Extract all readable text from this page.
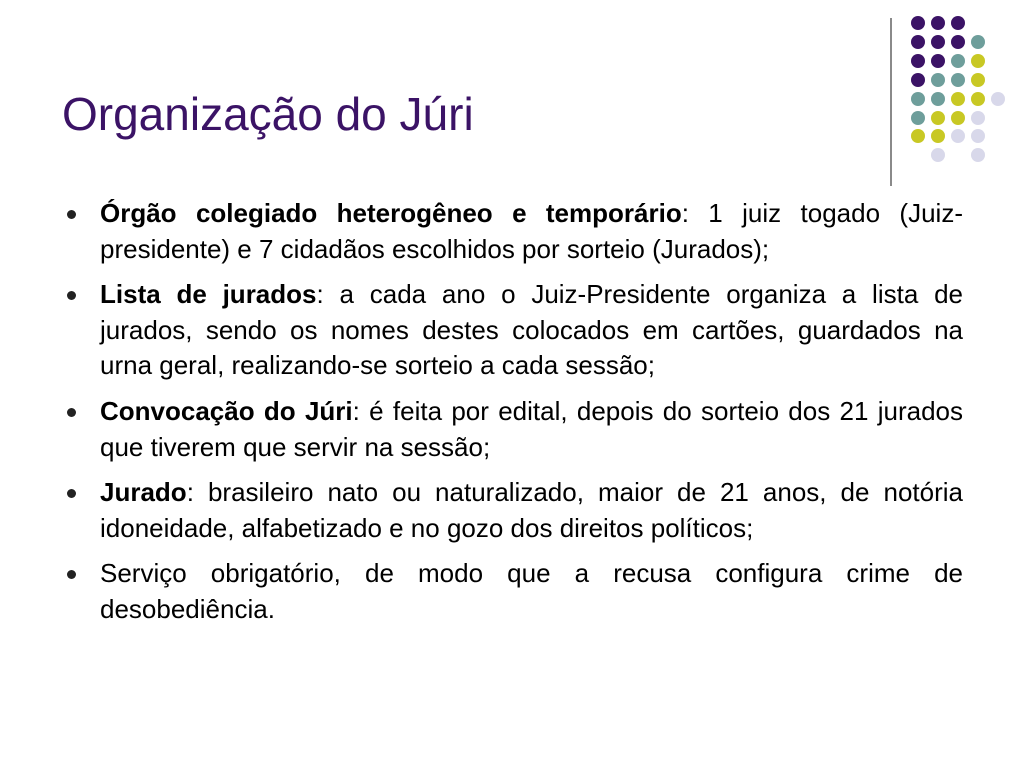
Organização do Júri
Órgão colegiado heterogêneo e temporário: 1 juiz togado (Juiz-presidente) e 7 cidadãos escolhidos por sorteio (Jurados);
Lista de jurados: a cada ano o Juiz-Presidente organiza a lista de jurados, sendo os nomes destes colocados em cartões, guardados na urna geral, realizando-se sorteio a cada sessão;
Convocação do Júri: é feita por edital, depois do sorteio dos 21 jurados que tiverem que servir na sessão;
Jurado: brasileiro nato ou naturalizado, maior de 21 anos, de notória idoneidade, alfabetizado e no gozo dos direitos políticos;
Serviço obrigatório, de modo que a recusa configura crime de desobediência.
